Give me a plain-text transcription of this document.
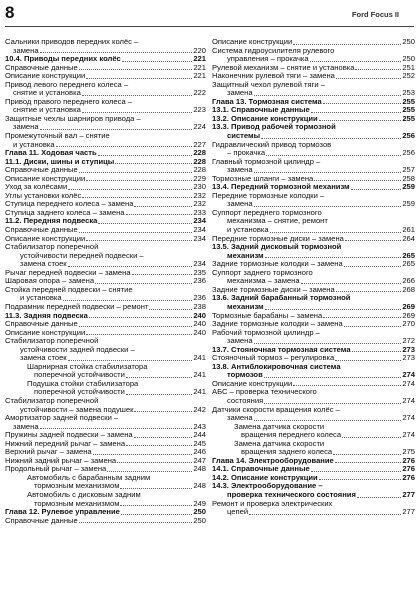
8	Ford Focus II
Сальники приводов передних колёс –
замена	220
10.4. Приводы передних колёс	221
Справочные данные	221
Описание конструкции	221
Привод левого переднего колеса –
снятие и установка	222
Привод правого переднего колеса –
снятие и установка	223
Защитные чехлы шарниров привода –
замена	224
Промежуточный вал – снятие
и установка	227
Глава 11. Ходовая часть	228
11.1. Диски, шины и ступицы	228
Справочные данные	228
Описание конструкции	229
Уход за колёсами	230
Углы установки колёс	232
Ступица переднего колеса – замена	232
Ступица заднего колеса – замена	233
11.2. Передняя подвеска	234
Справочные данные	234
Описание конструкции	234
Стабилизатор поперечной
устойчивости передней подвески –
замена стоек	234
Рычаг передней подвески – замена	235
Шаровая опора – замена	236
Стойка передней подвески – снятие
и установка	236
Подрамник передней подвески – ремонт	238
11.3. Задняя подвеска	240
Справочные данные	240
Описание конструкции	240
Стабилизатор поперечной
устойчивости задней подвески –
замена стоек	241
Шарнирная стойка стабилизатора
поперечной устойчивости	241
Подушка стойки стабилизатора
поперечной устойчивости	241
Стабилизатор поперечной
устойчивости – замена подушек	242
Амортизатор задней подвески –
замена	243
Пружины задней подвески – замена	244
Нижний передний рычаг – замена	245
Верхний рычаг – замена	246
Нижний задний рычаг – замена	247
Продольный рычаг – замена	248
Автомобиль с барабанным задним
тормозным механизмом	248
Автомобиль с дисковым задним
тормозным механизмом	249
Глава 12. Рулевое управление	250
Справочные данные	250
Описание конструкции	250
Система гидроусилителя рулевого
управления – прокачка	250
Рулевой механизм – снятие и установка	251
Наконечник рулевой тяги – замена	252
Защитный чехол рулевой тяги –
замена	253
Глава 13. Тормозная система	255
13.1. Справочные данные	255
13.2. Описание конструкции	255
13.3. Привод рабочей тормозной
системы	256
Гидравлический привод тормозов
– прокачка	256
Главный тормозной цилиндр –
замена	257
Тормозные шланги – замена	258
13.4. Передний тормозной механизм	259
Передние тормозные колодки –
замена	259
Суппорт переднего тормозного
механизма – снятие, ремонт
и установка	261
Передние тормозные диски – замена	264
13.5. Задний дисковый тормозной
механизм	265
Задние тормозные колодки – замена	265
Суппорт заднего тормозного
механизма – замена	266
Задние тормозные диски – замена	268
13.6. Задний барабанный тормозной
механизм	269
Тормозные барабаны – замена	269
Задние тормозные колодки – замена	270
Рабочий тормозной цилиндр –
замена	272
13.7. Стояночная тормозная система	273
Стояночный тормоз – регулировка	273
13.8. Антиблокировочная система
тормозов	274
Описание конструкции	274
АБС – проверка технического
состояния	274
Датчики скорости вращения колёс –
замена	274
Замена датчика скорости
вращения переднего колеса	274
Замена датчика скорости
вращения заднего колеса	275
Глава 14. Электрооборудование	276
14.1. Справочные данные	276
14.2. Описание конструкции	276
14.3. Электрооборудование –
проверка технического состояния	277
Ремонт и проверка электрических
цепей	277
